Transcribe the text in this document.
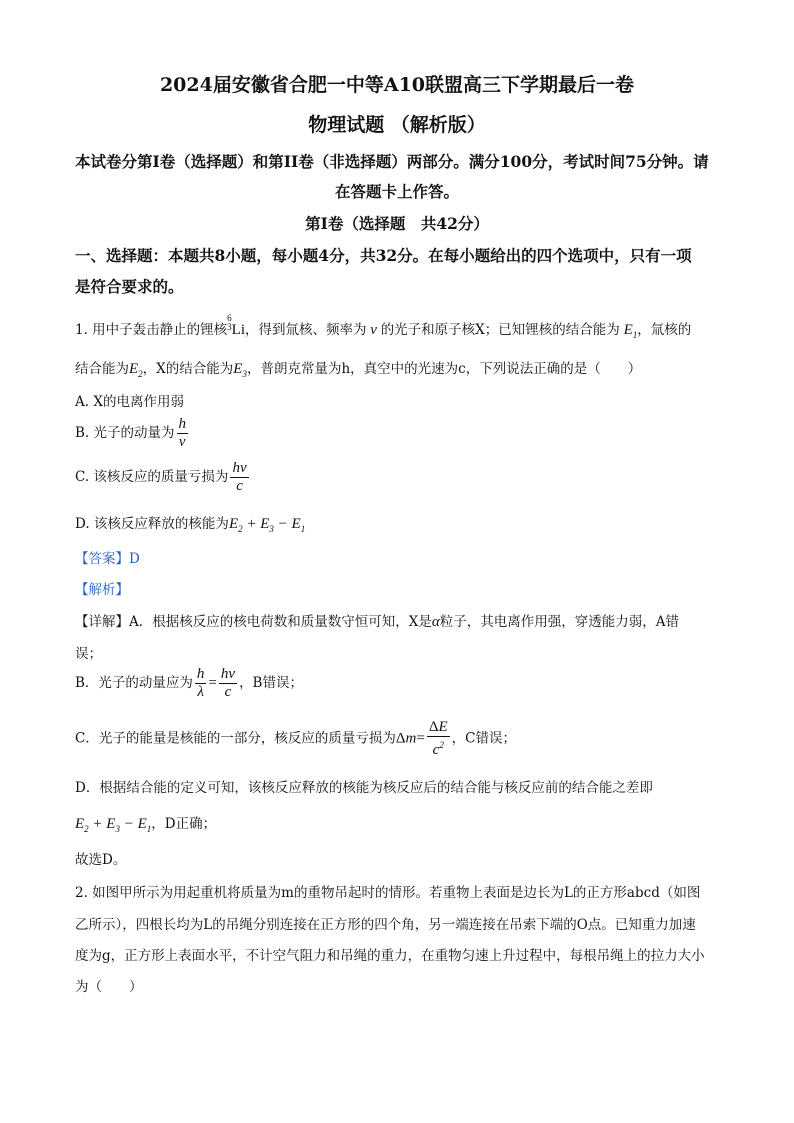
2024届安徽省合肥一中等A10联盟高三下学期最后一卷
物理试题 （解析版）
本试卷分第I卷（选择题）和第II卷（非选择题）两部分。满分100分，考试时间75分钟。请
在答题卡上作答。
第I卷（选择题　共42分）
一、选择题：本题共8小题，每小题4分，共32分。在每小题给出的四个选项中，只有一项
是符合要求的。
1. 用中子轰击静止的锂核6
3Li，得到氚核、频率为 ν 的光子和原子核X；已知锂核的结合能为 $E_1$，氚核的
结合能为$E_2$，X的结合能为$E_3$，普朗克常量为h，真空中的光速为c，下列说法正确的是（　　）
A. X的电离作用弱
B. 光子的动量为 $\frac{h}{\nu}$
C. 该核反应的质量亏损为 $\frac{h\nu}{c}$
D. 该核反应释放的核能为$E_2 + E_3 - E_1$
【答案】D
【解析】
【详解】A．根据核反应的核电荷数和质量数守恒可知，X是α粒子，其电离作用强，穿透能力弱，A错
误；
B．光子的动量应为 $\frac{h}{\lambda} = \frac{h\nu}{c}$ ，B错误；
C．光子的能量是核能的一部分，核反应的质量亏损为$\Delta m= \frac{\Delta E}{c^2}$ ，C错误；
D．根据结合能的定义可知，该核反应释放的核能为核反应后的结合能与核反应前的结合能之差即
$E_2 + E_3 - E_1$，D正确；
故选D。
2. 如图甲所示为用起重机将质量为m的重物吊起时的情形。若重物上表面是边长为L的正方形abcd（如图
乙所示），四根长均为L的吊绳分别连接在正方形的四个角，另一端连接在吊索下端的O点。已知重力加速
度为g，正方形上表面水平，不计空气阻力和吊绳的重力，在重物匀速上升过程中，每根吊绳上的拉力大小
为（　　）
